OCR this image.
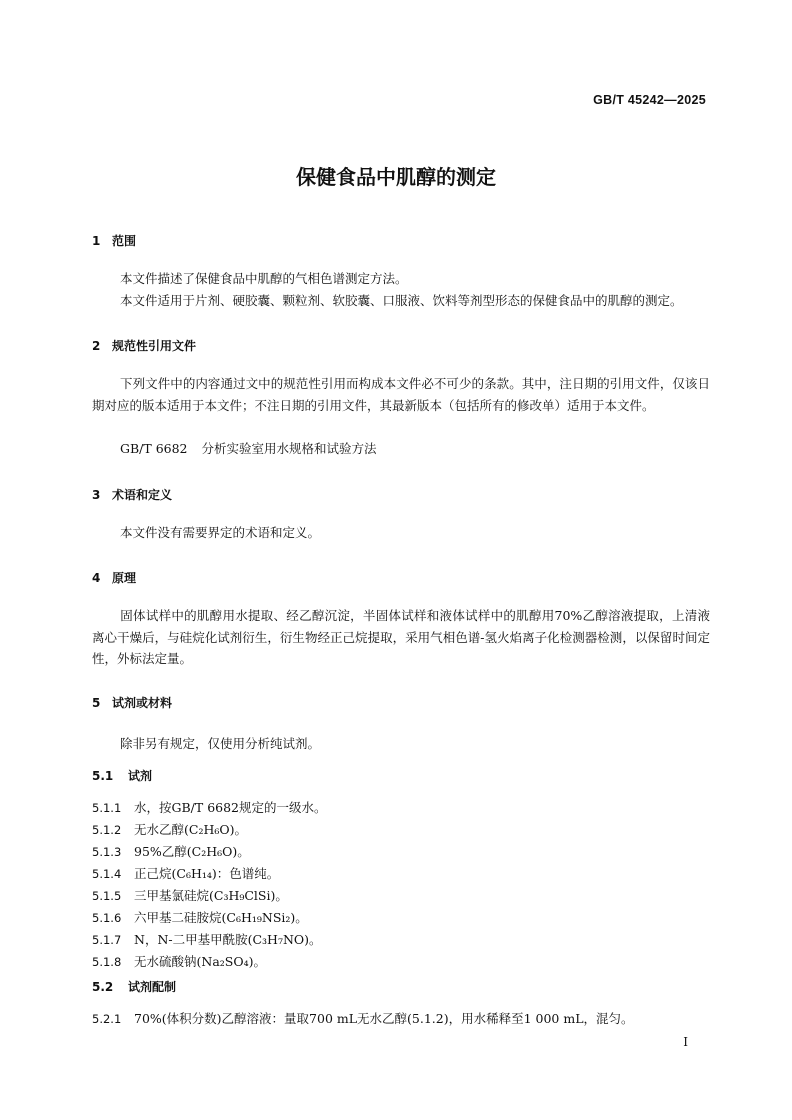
GB/T 45242—2025
保健食品中肌醇的测定
1 范围
本文件描述了保健食品中肌醇的气相色谱测定方法。
本文件适用于片剂、硬胶囊、颗粒剂、软胶囊、口服液、饮料等剂型形态的保健食品中的肌醇的测定。
2 规范性引用文件
下列文件中的内容通过文中的规范性引用而构成本文件必不可少的条款。其中，注日期的引用文件，仅该日期对应的版本适用于本文件；不注日期的引用文件，其最新版本（包括所有的修改单）适用于本文件。
GB/T 6682 分析实验室用水规格和试验方法
3 术语和定义
本文件没有需要界定的术语和定义。
4 原理
固体试样中的肌醇用水提取、经乙醇沉淀，半固体试样和液体试样中的肌醇用70%乙醇溶液提取，上清液离心干燥后，与硅烷化试剂衍生，衍生物经正己烷提取，采用气相色谱-氢火焰离子化检测器检测，以保留时间定性，外标法定量。
5 试剂或材料
除非另有规定，仅使用分析纯试剂。
5.1 试剂
5.1.1 水，按GB/T 6682规定的一级水。
5.1.2 无水乙醇(C₂H₆O)。
5.1.3 95%乙醇(C₂H₆O)。
5.1.4 正己烷(C₆H₁₄)：色谱纯。
5.1.5 三甲基氯硅烷(C₃H₉ClSi)。
5.1.6 六甲基二硅胺烷(C₆H₁₉NSi₂)。
5.1.7 N，N-二甲基甲酰胺(C₃H₇NO)。
5.1.8 无水硫酸钠(Na₂SO₄)。
5.2 试剂配制
5.2.1 70%(体积分数)乙醇溶液：量取700 mL无水乙醇(5.1.2)，用水稀释至1 000 mL，混匀。
I
